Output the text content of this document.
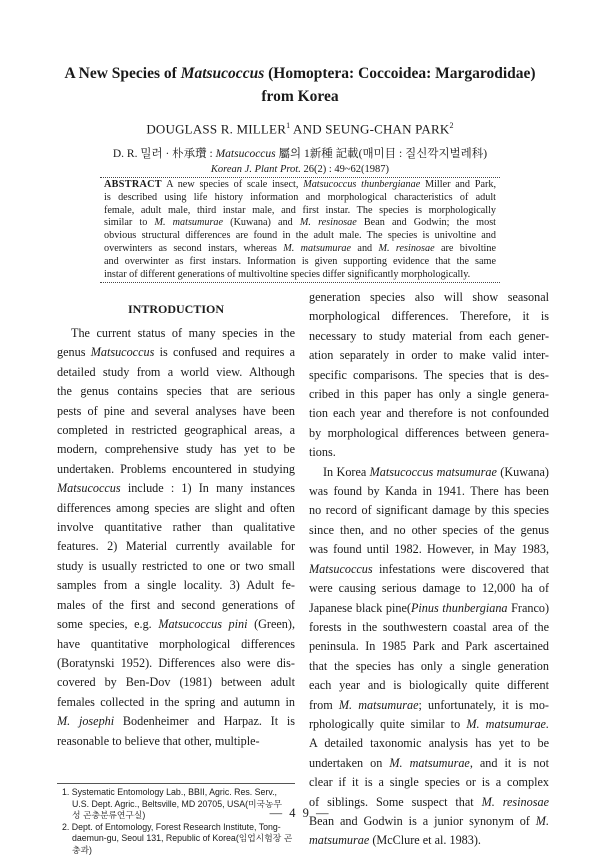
A New Species of Matsucoccus (Homoptera: Coccoidea: Margarodidae)
from Korea
DOUGLASS R. MILLER$^1$ AND SEUNG-CHAN PARK$^2$
D. R. 밀러 · 朴承瓚 : Matsucoccus 屬의 1新種 記載(매미目 : 질신깍지벌레科)
Korean J. Plant Prot. 26(2) : 49~62(1987)
ABSTRACT A new species of scale insect, Matsucoccus thunbergianae Miller and Park,
is described using life history information and morphological characteristics of adult
female, adult male, third instar male, and first instar. The species is morphologically
similar to M. matsumurae (Kuwana) and M. resinosae Bean and Godwin; the most
obvious structural differences are found in the adult male. The species is univoltine and
overwinters as second instars, whereas M. matsumurae and M. resinosae are bivoltine
and overwinter as first instars. Information is given supporting evidence that the same
instar of different generations of multivoltine species differ significantly morphologically.
INTRODUCTION
The current status of many species in the
genus Matsucoccus is confused and requires a
detailed study from a world view. Although
the genus contains species that are serious
pests of pine and several analyses have been
completed in restricted geographical areas, a
modern, comprehensive study has yet to be
undertaken. Problems encountered in studying
Matsucoccus include : 1) In many instances
differences among species are slight and often
involve quantitative rather than qualitative
features. 2) Material currently available for
study is usually restricted to one or two small
samples from a single locality. 3) Adult fe-
males of the first and second generations of
some species, e.g. Matsucoccus pini (Green),
have quantitative morphological differences
(Boratynski 1952). Differences also were dis-
covered by Ben-Dov (1981) between adult
females collected in the spring and autumn in
M. josephi Bodenheimer and Harpaz. It is
reasonable to believe that other, multiple-
generation species also will show seasonal
morphological differences. Therefore, it is
necessary to study material from each gener-
ation separately in order to make valid inter-
specific comparisons. The species that is des-
cribed in this paper has only a single genera-
tion each year and therefore is not confounded
by morphological differences between genera-
tions.
In Korea Matsucoccus matsumurae (Kuwana)
was found by Kanda in 1941. There has been
no record of significant damage by this species
since then, and no other species of the genus
was found until 1982. However, in May 1983,
Matsucoccus infestations were discovered that
were causing serious damage to 12,000 ha of
Japanese black pine(Pinus thunbergiana Franco)
forests in the southwestern coastal area of the
peninsula. In 1985 Park and Park ascertained
that the species has only a single generation
each year and is biologically quite different
from M. matsumurae; unfortunately, it is mo-
rphologically quite similar to M. matsumurae.
A detailed taxonomic analysis has yet to be
undertaken on M. matsumurae, and it is not
clear if it is a single species or is a complex
of siblings. Some suspect that M. resinosae
Bean and Godwin is a junior synonym of M.
matsumurae (McClure et al. 1983).
1. Systematic Entomology Lab., BBII, Agric. Res. Serv.,
U.S. Dept. Agric., Beltsville, MD 20705, USA(미국농무
성 곤충분류연구실)
2. Dept. of Entomology, Forest Research Institute, Tong-
daemun-gu, Seoul 131, Republic of Korea(임업시험장 곤
충과)
— 4 9 —
